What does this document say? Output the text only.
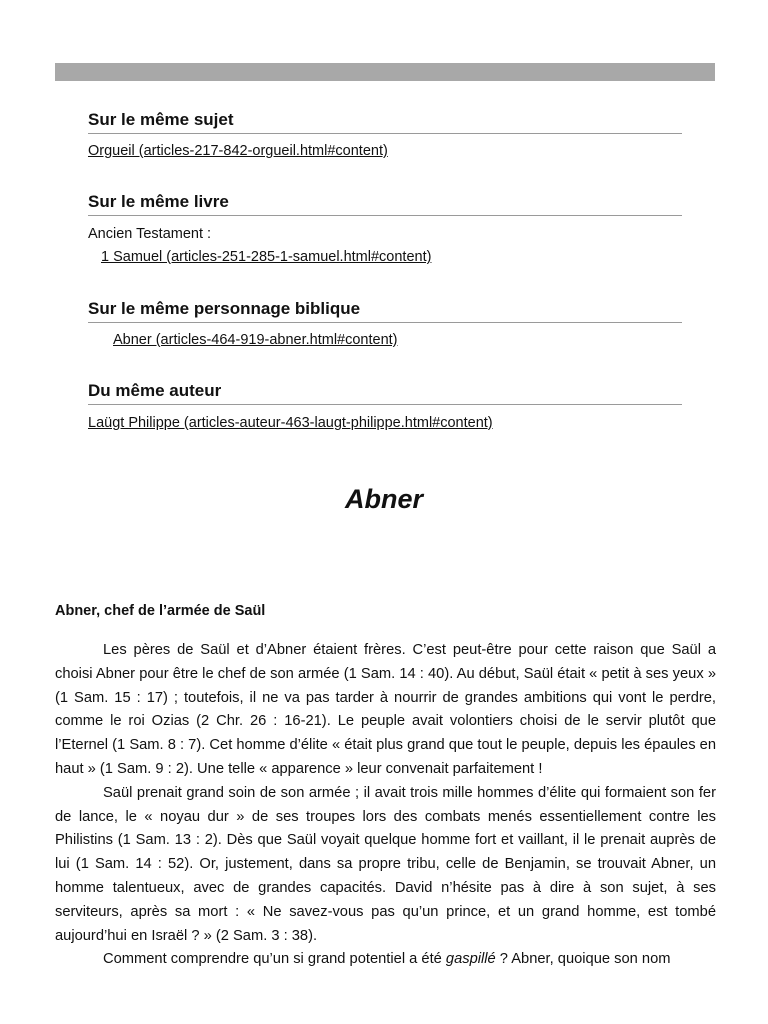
Sur le même sujet
Orgueil (articles-217-842-orgueil.html#content)
Sur le même livre
Ancien Testament :
1 Samuel (articles-251-285-1-samuel.html#content)
Sur le même personnage biblique
Abner (articles-464-919-abner.html#content)
Du même auteur
Laügt Philippe (articles-auteur-463-laugt-philippe.html#content)
Abner
Abner, chef de l’armée de Saül

Les pères de Saül et d’Abner étaient frères. C’est peut-être pour cette raison que Saül a choisi Abner pour être le chef de son armée (1 Sam. 14 : 40). Au début, Saül était « petit à ses yeux » (1 Sam. 15 : 17) ; toutefois, il ne va pas tarder à nourrir de grandes ambitions qui vont le perdre, comme le roi Ozias (2 Chr. 26 : 16-21). Le peuple avait volontiers choisi de le servir plutôt que l’Eternel (1 Sam. 8 : 7). Cet homme d’élite « était plus grand que tout le peuple, depuis les épaules en haut » (1 Sam. 9 : 2). Une telle « apparence » leur convenait parfaitement !

Saül prenait grand soin de son armée ; il avait trois mille hommes d’élite qui formaient son fer de lance, le « noyau dur » de ses troupes lors des combats menés essentiellement contre les Philistins (1 Sam. 13 : 2). Dès que Saül voyait quelque homme fort et vaillant, il le prenait auprès de lui (1 Sam. 14 : 52). Or, justement, dans sa propre tribu, celle de Benjamin, se trouvait Abner, un homme talentueux, avec de grandes capacités. David n’hésite pas à dire à son sujet, à ses serviteurs, après sa mort : « Ne savez-vous pas qu’un prince, et un grand homme, est tombé aujourd’hui en Israël ? » (2 Sam. 3 : 38).

Comment comprendre qu’un si grand potentiel a été gaspillé ? Abner, quoique son nom
